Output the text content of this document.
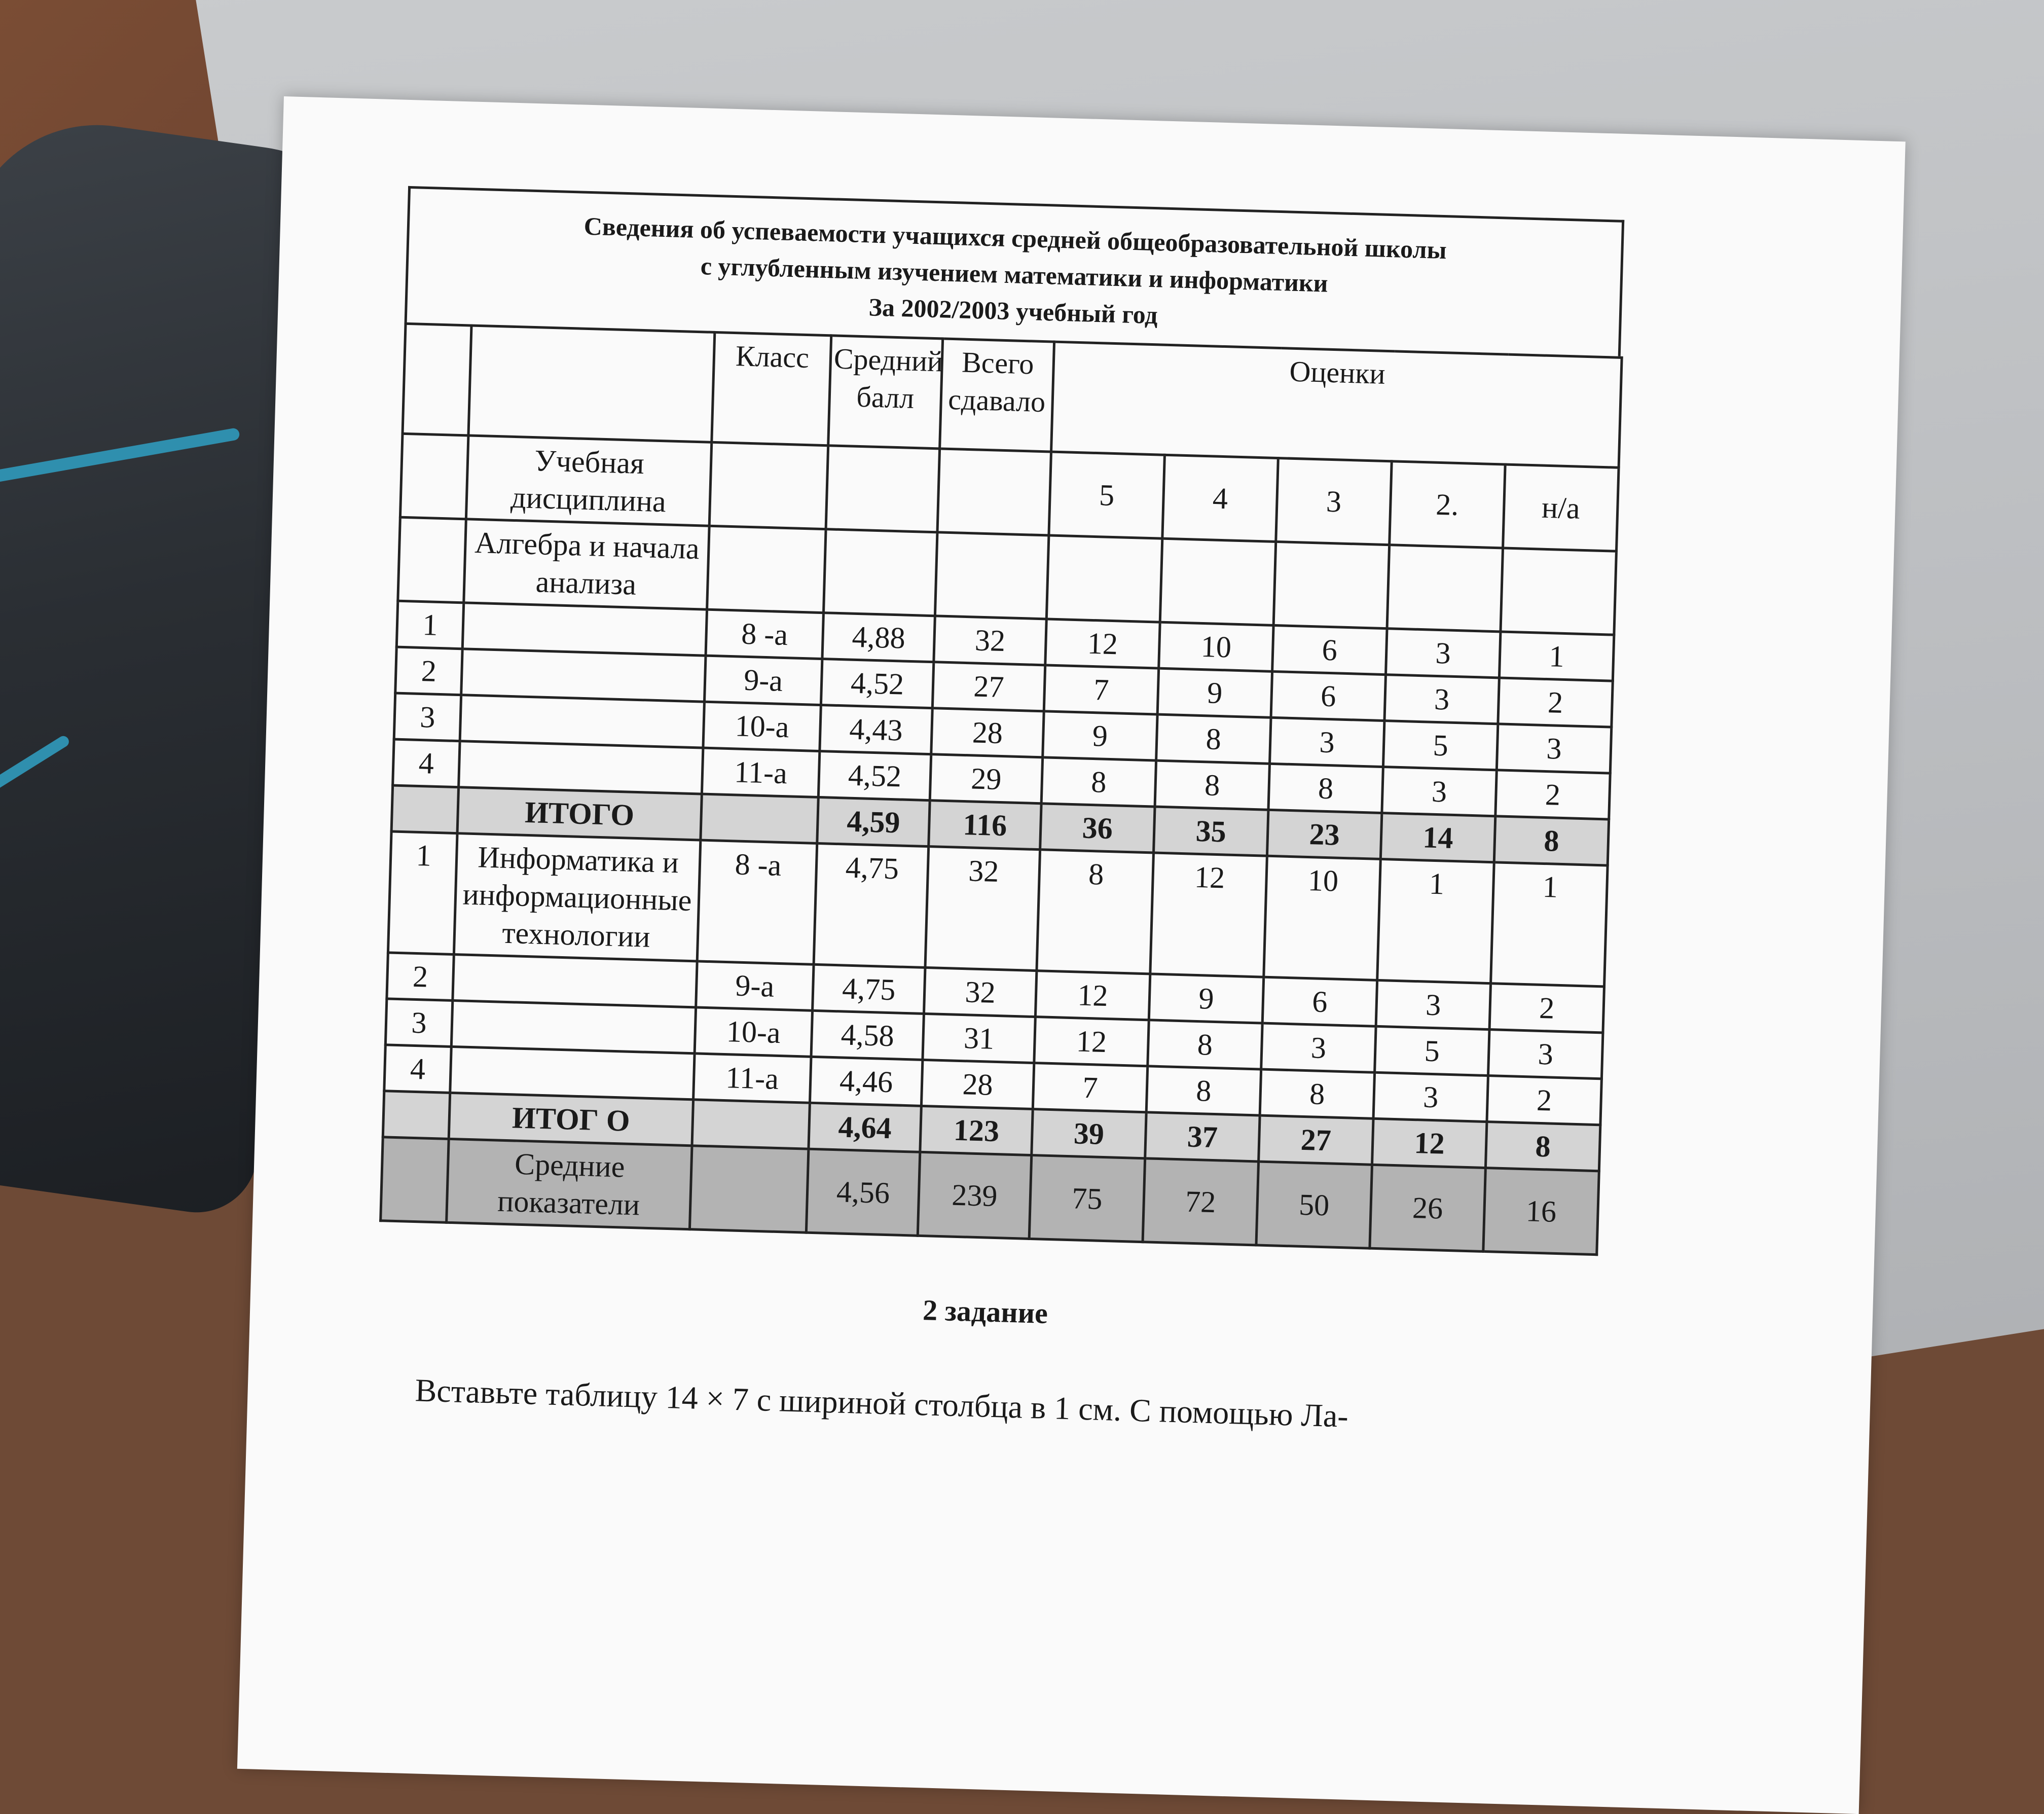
Сведения об успеваемости учащихся средней общеобразовательной школы
с углубленным изучением математики и информатики
За 2002/2003 учебный год
		Класс	Средний балл	Всего сдавало	Оценки				
	Учебная дисциплина				5	4	3	2.	н/а
	Алгебра и начала анализа								
1		8 -а	4,88	32	12	10	6	3	1
2		9-а	4,52	27	7	9	6	3	2
3		10-а	4,43	28	9	8	3	5	3
4		11-а	4,52	29	8	8	8	3	2
	ИТОГО		4,59	116	36	35	23	14	8
1	Информатика и информационные технологии	8 -а	4,75	32	8	12	10	1	1
2		9-а	4,75	32	12	9	6	3	2
3		10-а	4,58	31	12	8	3	5	3
4		11-а	4,46	28	7	8	8	3	2
	ИТОГ О		4,64	123	39	37	27	12	8
	Средние показатели		4,56	239	75	72	50	26	16
2 задание
Вставьте таблицу 14 × 7 с шириной столбца в 1 см. С помощью Ла-
